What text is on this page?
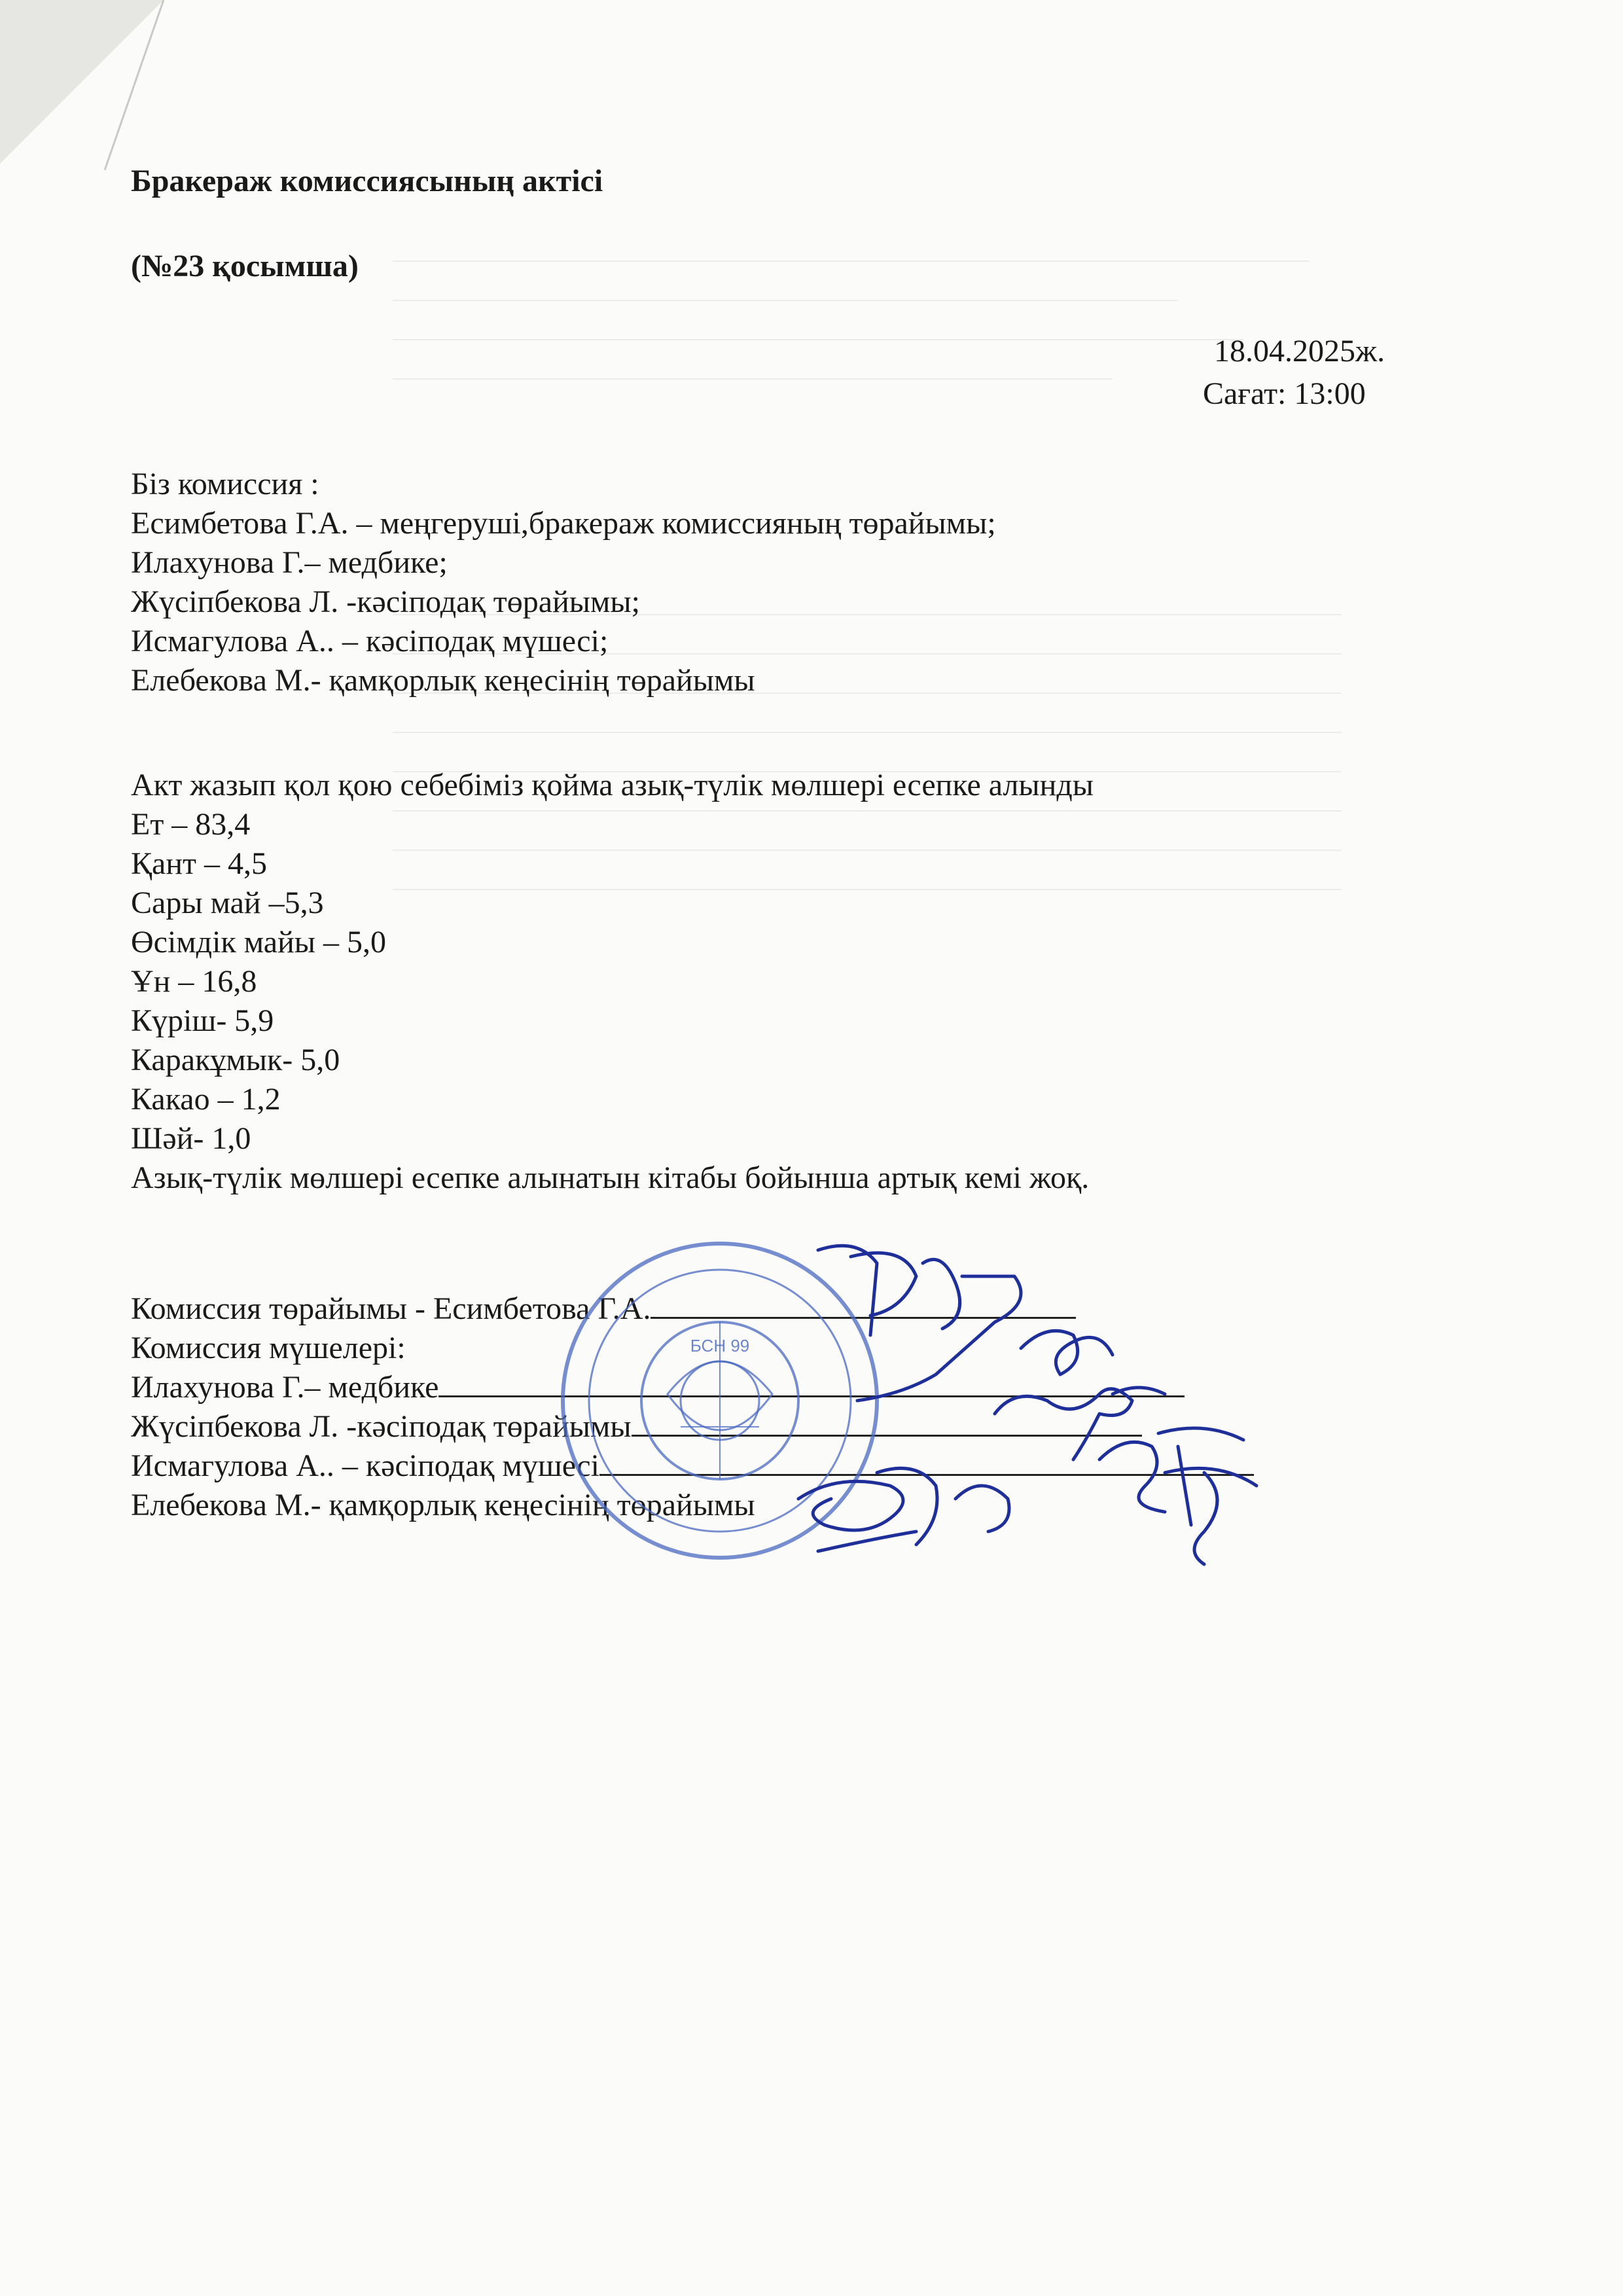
Бракераж комиссиясының актісі
(№23 қосымша)
18.04.2025ж.
Сағат: 13:00
Біз комиссия :
Есимбетова Г.А. – меңгеруші,бракераж комиссияның төрайымы;
Илахунова Г.– медбике;
Жүсіпбекова Л. -кәсіподақ төрайымы;
Исмагулова А.. – кәсіподақ мүшесі;
Елебекова М.- қамқорлық кеңесінің төрайымы
Акт жазып қол қою себебіміз қойма азық-түлік мөлшері есепке алынды
Ет – 83,4
Қант – 4,5
Сары май –5,3
Өсімдік майы – 5,0
Ұн – 16,8
Күріш- 5,9
Каракұмык- 5,0
Какао – 1,2
Шәй- 1,0
Азық-түлік мөлшері есепке алынатын кітабы бойынша артық кемі жоқ.
Комиссия төрайымы - Есимбетова Г.А.
Комиссия мүшелері:
Илахунова Г.– медбике
Жүсіпбекова Л. -кәсіподақ төрайымы
Исмагулова А.. – кәсіподақ мүшесі
Елебекова М.- қамқорлық кеңесінің төрайымы
БСН 99
